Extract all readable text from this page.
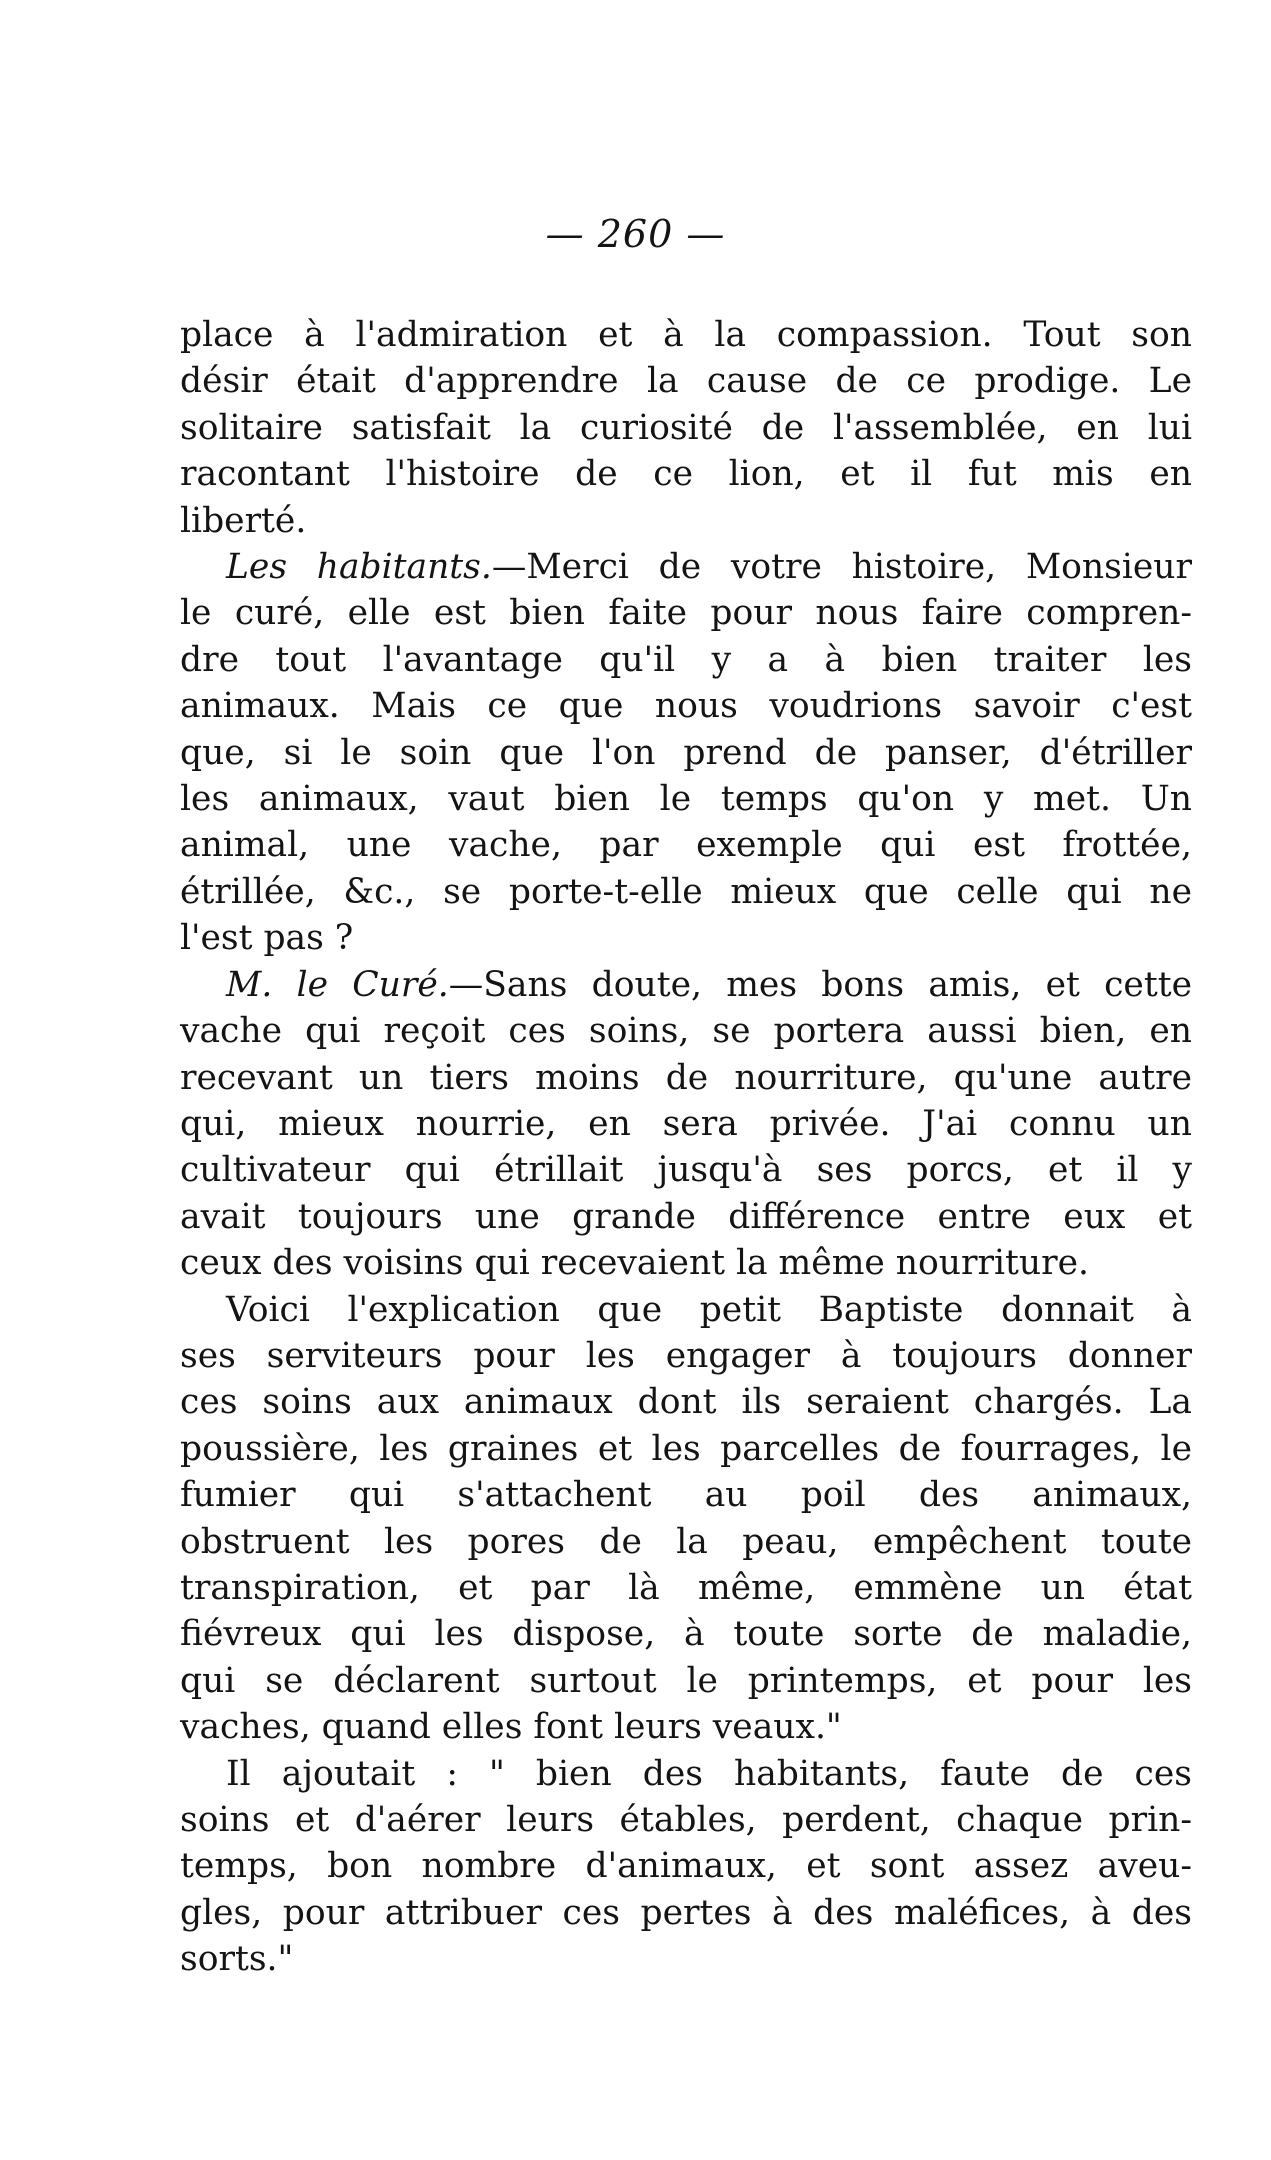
— 260 —
place à l'admiration et à la compassion. Tout son
désir était d'apprendre la cause de ce prodige. Le
solitaire satisfait la curiosité de l'assemblée, en lui
racontant l'histoire de ce lion, et il fut mis en
liberté.
Les habitants.—Merci de votre histoire, Monsieur
le curé, elle est bien faite pour nous faire compren-
dre tout l'avantage qu'il y a à bien traiter les
animaux. Mais ce que nous voudrions savoir c'est
que, si le soin que l'on prend de panser, d'étriller
les animaux, vaut bien le temps qu'on y met. Un
animal, une vache, par exemple qui est frottée,
étrillée, &c., se porte-t-elle mieux que celle qui ne
l'est pas ?
M. le Curé.—Sans doute, mes bons amis, et cette
vache qui reçoit ces soins, se portera aussi bien, en
recevant un tiers moins de nourriture, qu'une autre
qui, mieux nourrie, en sera privée. J'ai connu un
cultivateur qui étrillait jusqu'à ses porcs, et il y
avait toujours une grande différence entre eux et
ceux des voisins qui recevaient la même nourriture.
Voici l'explication que petit Baptiste donnait à
ses serviteurs pour les engager à toujours donner
ces soins aux animaux dont ils seraient chargés. La
poussière, les graines et les parcelles de fourrages, le
fumier qui s'attachent au poil des animaux,
obstruent les pores de la peau, empêchent toute
transpiration, et par là même, emmène un état
fiévreux qui les dispose, à toute sorte de maladie,
qui se déclarent surtout le printemps, et pour les
vaches, quand elles font leurs veaux."
Il ajoutait : " bien des habitants, faute de ces
soins et d'aérer leurs étables, perdent, chaque prin-
temps, bon nombre d'animaux, et sont assez aveu-
gles, pour attribuer ces pertes à des maléfices, à des
sorts."
